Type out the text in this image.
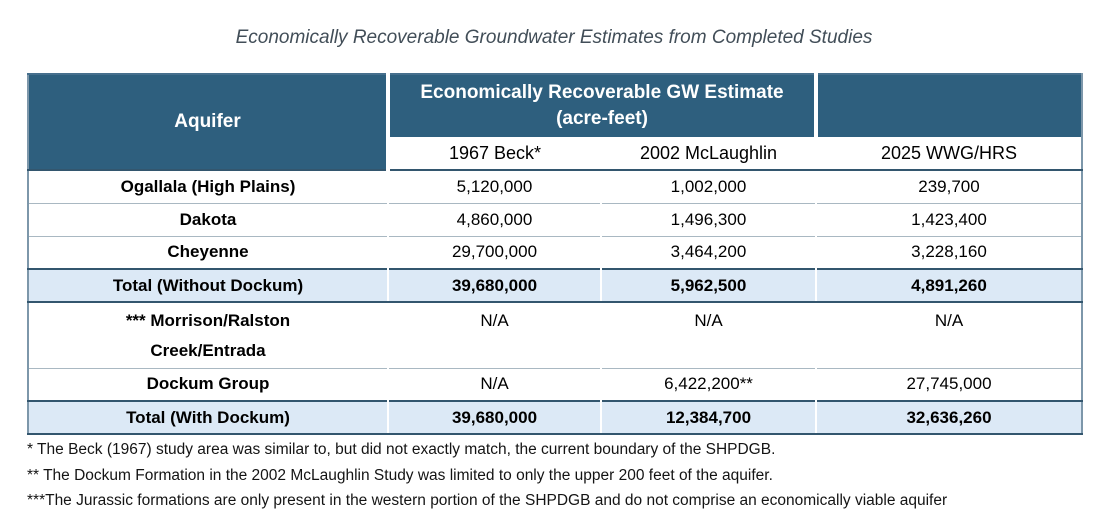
Economically Recoverable Groundwater Estimates from Completed Studies
Aquifer	Economically Recoverable GW Estimate
(acre-feet)		

	1967 Beck*	2002 McLaughlin	2025 WWG/HRS
Ogallala (High Plains)	5,120,000	1,002,000	239,700
Dakota	4,860,000	1,496,300	1,423,400
Cheyenne	29,700,000	3,464,200	3,228,160
Total (Without Dockum)	39,680,000	5,962,500	4,891,260
*** Morrison/Ralston Creek/Entrada	N/A	N/A	N/A
Dockum Group	N/A	6,422,200**	27,745,000
Total (With Dockum)	39,680,000	12,384,700	32,636,260
* The Beck (1967) study area was similar to, but did not exactly match, the current boundary of the SHPDGB.
** The Dockum Formation in the 2002 McLaughlin Study was limited to only the upper 200 feet of the aquifer.
***The Jurassic formations are only present in the western portion of the SHPDGB and do not comprise an economically viable aquifer
